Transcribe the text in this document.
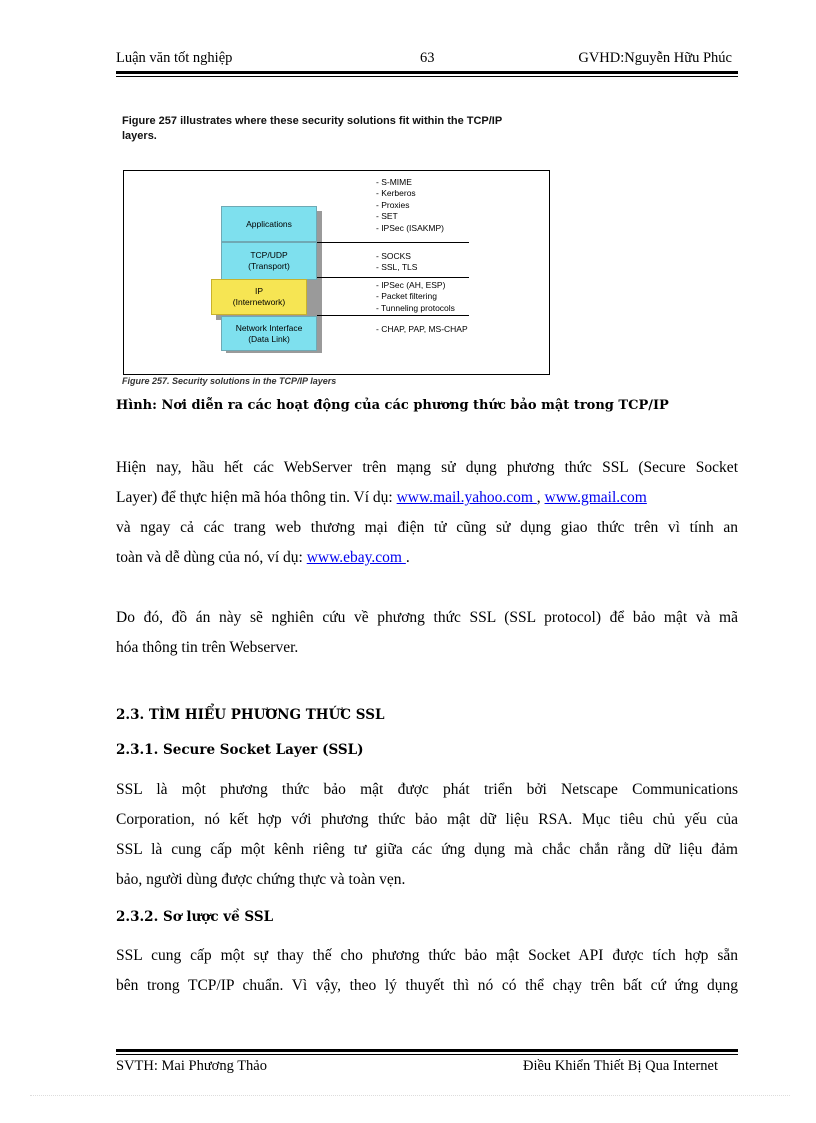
Luận văn tốt nghiệp	63	GVHD:Nguyễn Hữu Phúc
Figure 257 illustrates where these security solutions fit within the TCP/IP
layers.
Applications
TCP/UDP
(Transport)
IP
(Internetwork)
Network Interface
(Data Link)
- S-MIME
- Kerberos
- Proxies
- SET
- IPSec (ISAKMP)
- SOCKS
- SSL, TLS
- IPSec (AH, ESP)
- Packet filtering
- Tunneling protocols
- CHAP, PAP, MS-CHAP
Figure 257. Security solutions in the TCP/IP layers
Hình: Nơi diễn ra các hoạt động của các phương thức bảo mật trong TCP/IP
Hiện nay, hầu hết các WebServer trên mạng sử dụng phương thức SSL (Secure Socket
Layer) để thực hiện mã hóa thông tin. Ví dụ: www.mail.yahoo.com , www.gmail.com
và ngay cả các trang web thương mại điện tử cũng sử dụng giao thức trên vì tính an
toàn và dễ dùng của nó, ví dụ: www.ebay.com .
Do đó, đồ án này sẽ nghiên cứu về phương thức SSL (SSL protocol) để bảo mật và mã
hóa thông tin trên Webserver.
2.3. TÌM HIỂU PHƯƠNG THỨC SSL
2.3.1. Secure Socket Layer (SSL)
SSL là một phương thức bảo mật được phát triển bởi Netscape Communications
Corporation, nó kết hợp với phương thức bảo mật dữ liệu RSA. Mục tiêu chủ yếu của
SSL là cung cấp một kênh riêng tư giữa các ứng dụng mà chắc chắn rằng dữ liệu đảm
bảo, người dùng được chứng thực và toàn vẹn.
2.3.2. Sơ lược về SSL
SSL cung cấp một sự thay thế cho phương thức bảo mật Socket API được tích hợp sẵn
bên trong TCP/IP chuẩn. Vì vậy, theo lý thuyết thì nó có thể chạy trên bất cứ ứng dụng
SVTH: Mai Phương Thảo	Điều Khiển Thiết Bị Qua Internet
